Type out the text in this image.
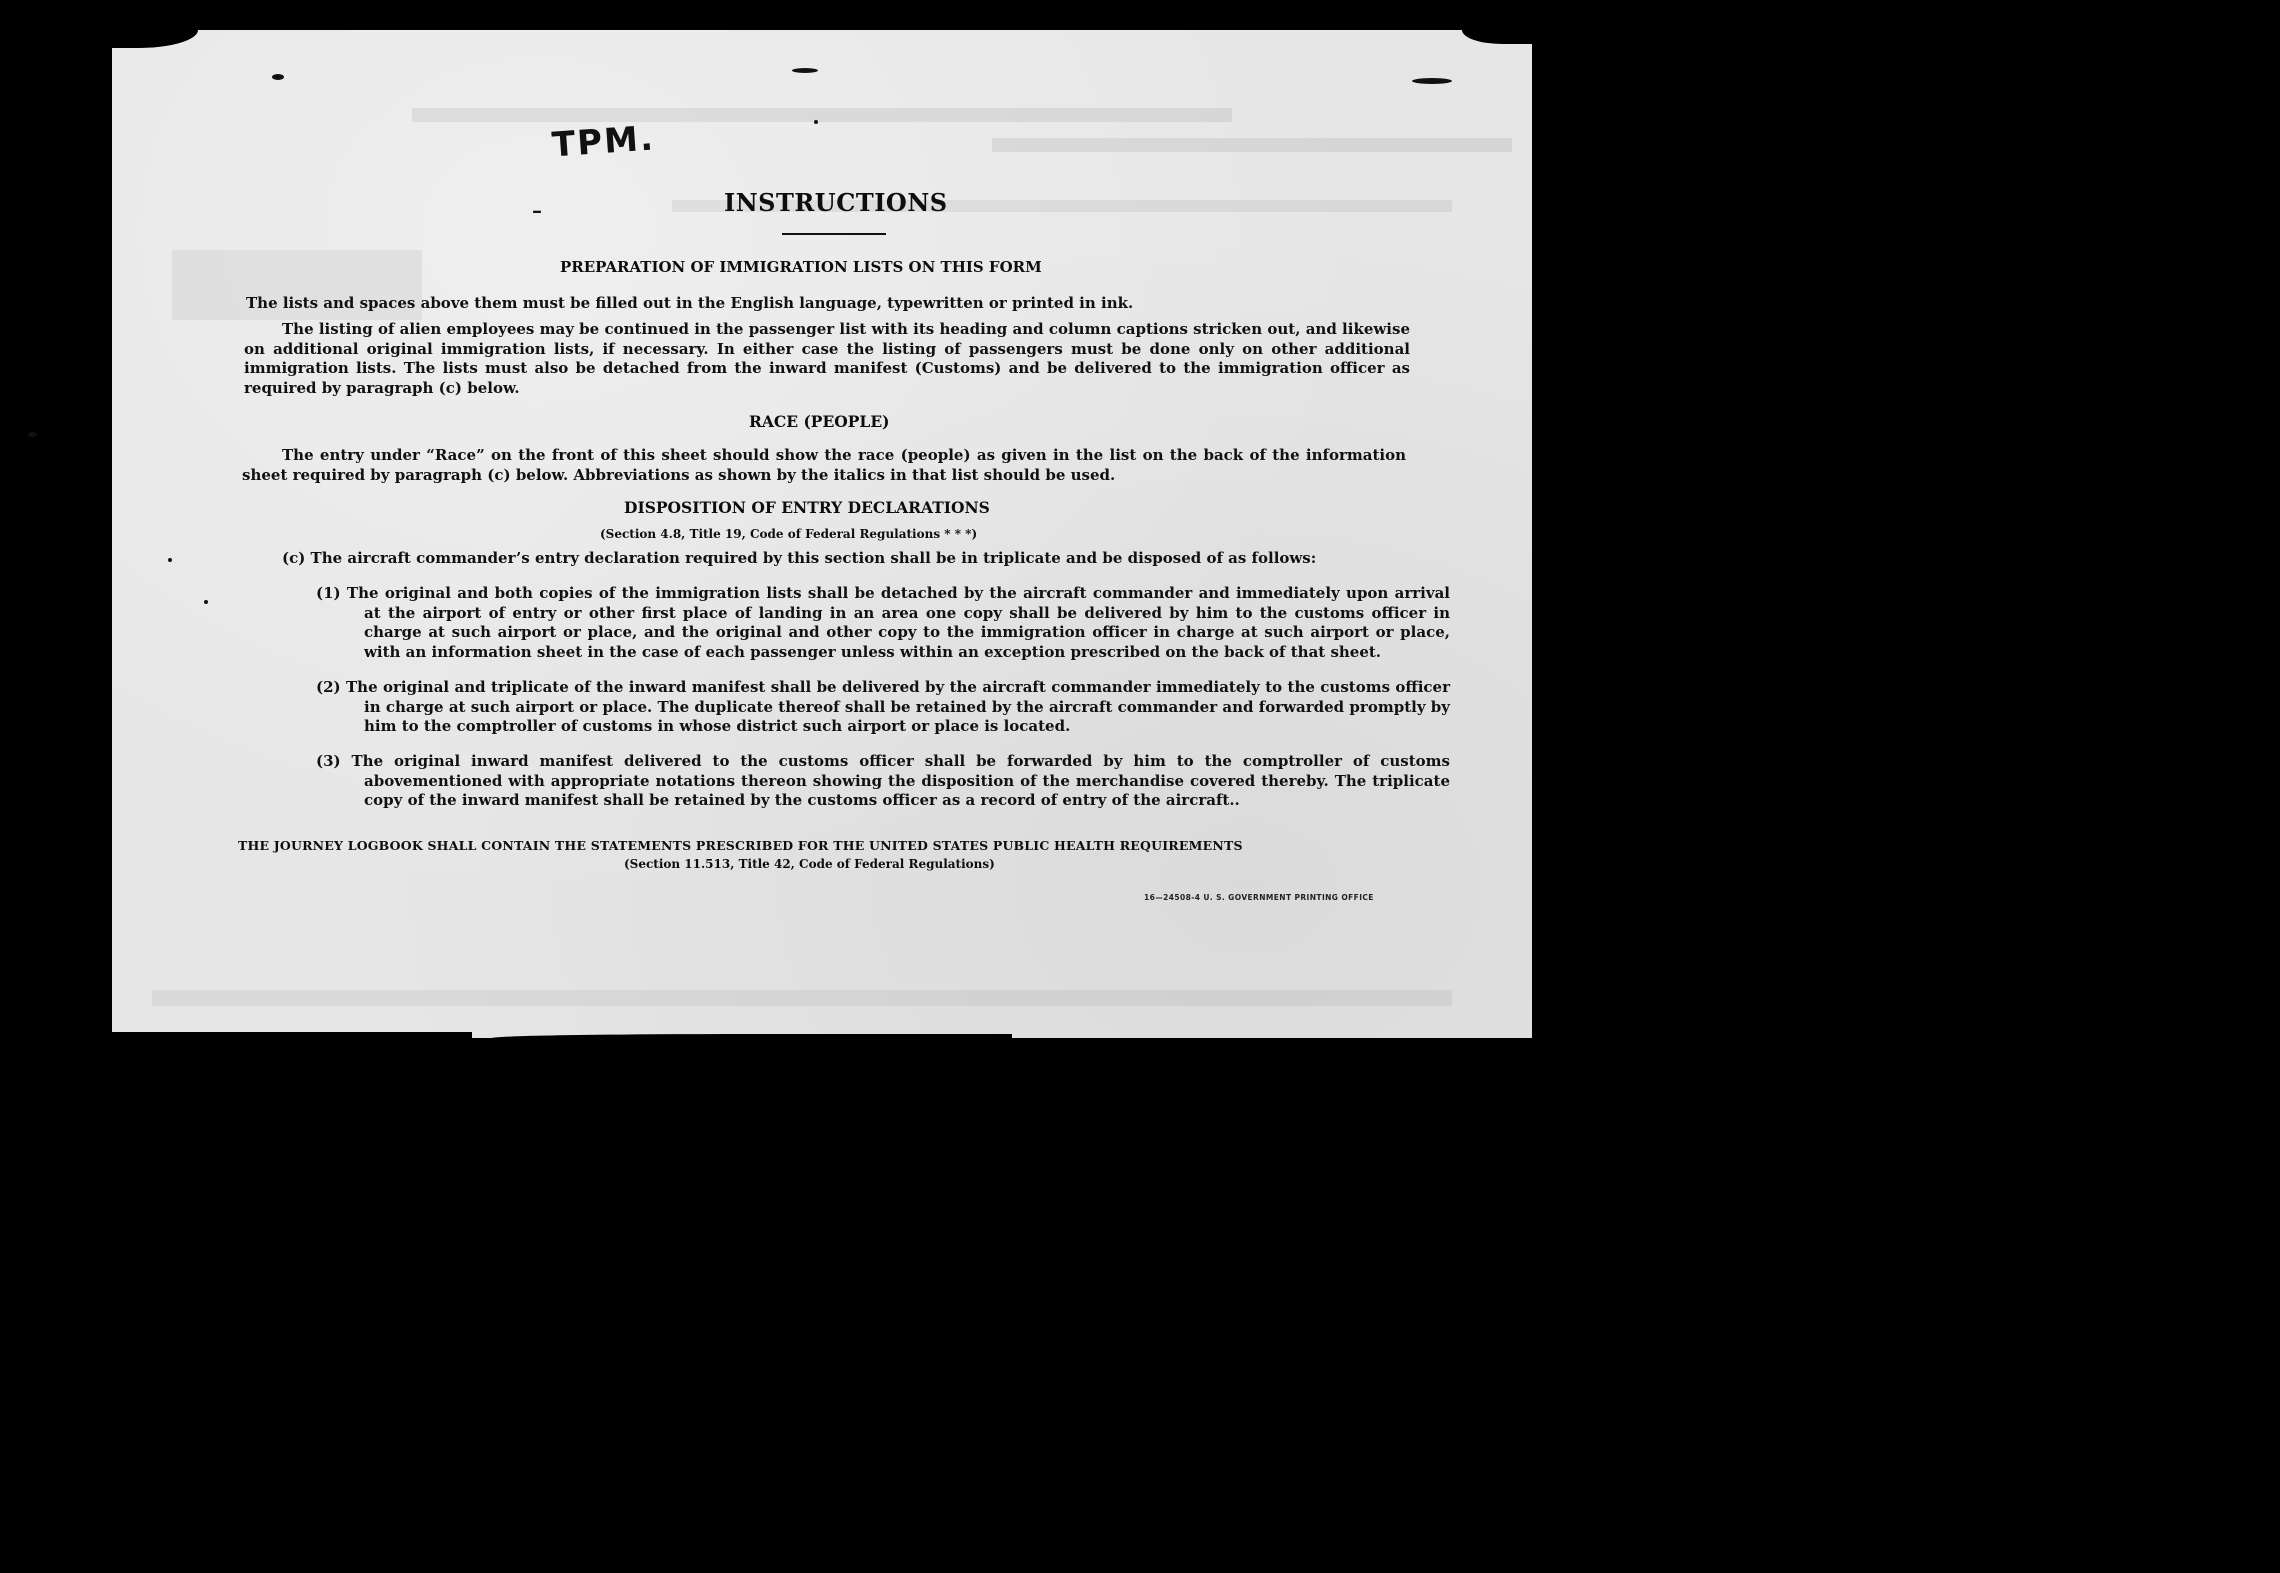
TPM.
–	INSTRUCTIONS
PREPARATION OF IMMIGRATION LISTS ON THIS FORM
The lists and spaces above them must be filled out in the English language, typewritten or printed in ink.
The listing of alien employees may be continued in the passenger list with its heading and column captions stricken out, and likewise on additional original immigration lists, if necessary. In either case the listing of passengers must be done only on other additional immigration lists. The lists must also be detached from the inward manifest (Customs) and be delivered to the immigration officer as required by paragraph (c) below.
RACE (PEOPLE)
The entry under “Race” on the front of this sheet should show the race (people) as given in the list on the back of the information sheet required by paragraph (c) below. Abbreviations as shown by the italics in that list should be used.
DISPOSITION OF ENTRY DECLARATIONS
(Section 4.8, Title 19, Code of Federal Regulations * * *)
(c) The aircraft commander’s entry declaration required by this section shall be in triplicate and be disposed of as follows:
(1) The original and both copies of the immigration lists shall be detached by the aircraft commander and immediately upon arrival at the airport of entry or other first place of landing in an area one copy shall be delivered by him to the customs officer in charge at such airport or place, and the original and other copy to the immigration officer in charge at such airport or place, with an information sheet in the case of each passenger unless within an exception prescribed on the back of that sheet.
(2) The original and triplicate of the inward manifest shall be delivered by the aircraft commander immediately to the customs officer in charge at such airport or place. The duplicate thereof shall be retained by the aircraft commander and forwarded promptly by him to the comptroller of customs in whose district such airport or place is located.
(3) The original inward manifest delivered to the customs officer shall be forwarded by him to the comptroller of customs abovementioned with appropriate notations thereon showing the disposition of the merchandise covered thereby. The triplicate copy of the inward manifest shall be retained by the customs officer as a record of entry of the aircraft..
THE JOURNEY LOGBOOK SHALL CONTAIN THE STATEMENTS PRESCRIBED FOR THE UNITED STATES PUBLIC HEALTH REQUIREMENTS
(Section 11.513, Title 42, Code of Federal Regulations)
16—24508-4 U. S. GOVERNMENT PRINTING OFFICE
